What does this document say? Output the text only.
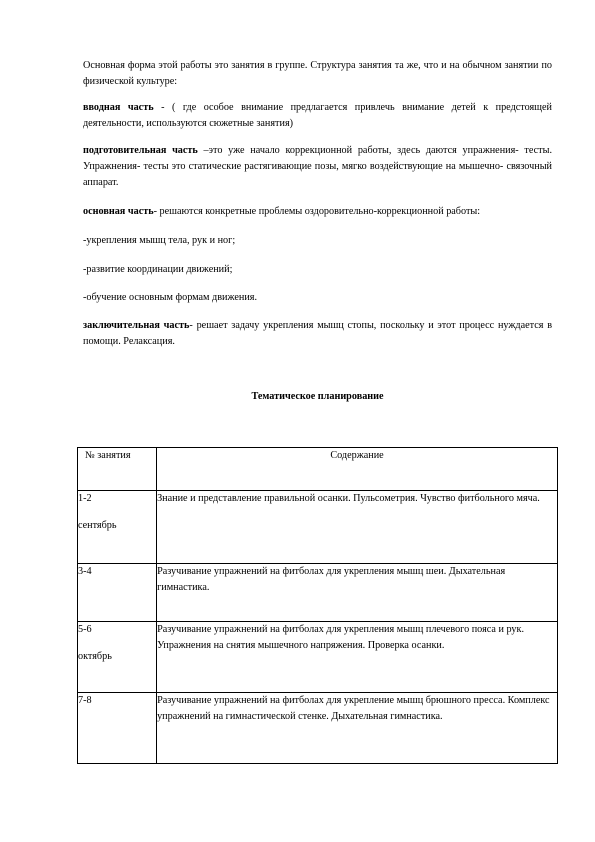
Основная форма этой работы это занятия в группе. Структура занятия та же, что и на обычном занятии по физической культуре:

вводная часть - ( где особое внимание предлагается привлечь внимание детей к предстоящей деятельности, используются сюжетные занятия)

подготовительная часть –это уже начало коррекционной работы, здесь даются упражнения- тесты. Упражнения- тесты это статические растягивающие позы, мягко воздействующие на мышечно- связочный аппарат.

основная часть- решаются конкретные проблемы оздоровительно-коррекционной работы:

-укрепления мышц тела, рук и ног;

-развитие координации движений;

-обучение основным формам движения.

заключительная часть- решает задачу укрепления мышц стопы, поскольку и этот процесс нуждается в помощи. Релаксация.

Тематическое планирование

№ занятия	Содержание

1-2
сентябрь	Знание и представление правильной осанки. Пульсометрия. Чувство фитбольного мяча.

3-4	Разучивание упражнений на фитболах для укрепления мышц шеи. Дыхательная гимнастика.

5-6
октябрь	Разучивание упражнений на фитболах для укрепления мышц плечевого пояса и рук. Упражнения на снятия мышечного напряжения. Проверка осанки.

7-8	Разучивание упражнений на фитболах для укрепление мышц брюшного пресса. Комплекс упражнений на гимнастической стенке. Дыхательная гимнастика.
